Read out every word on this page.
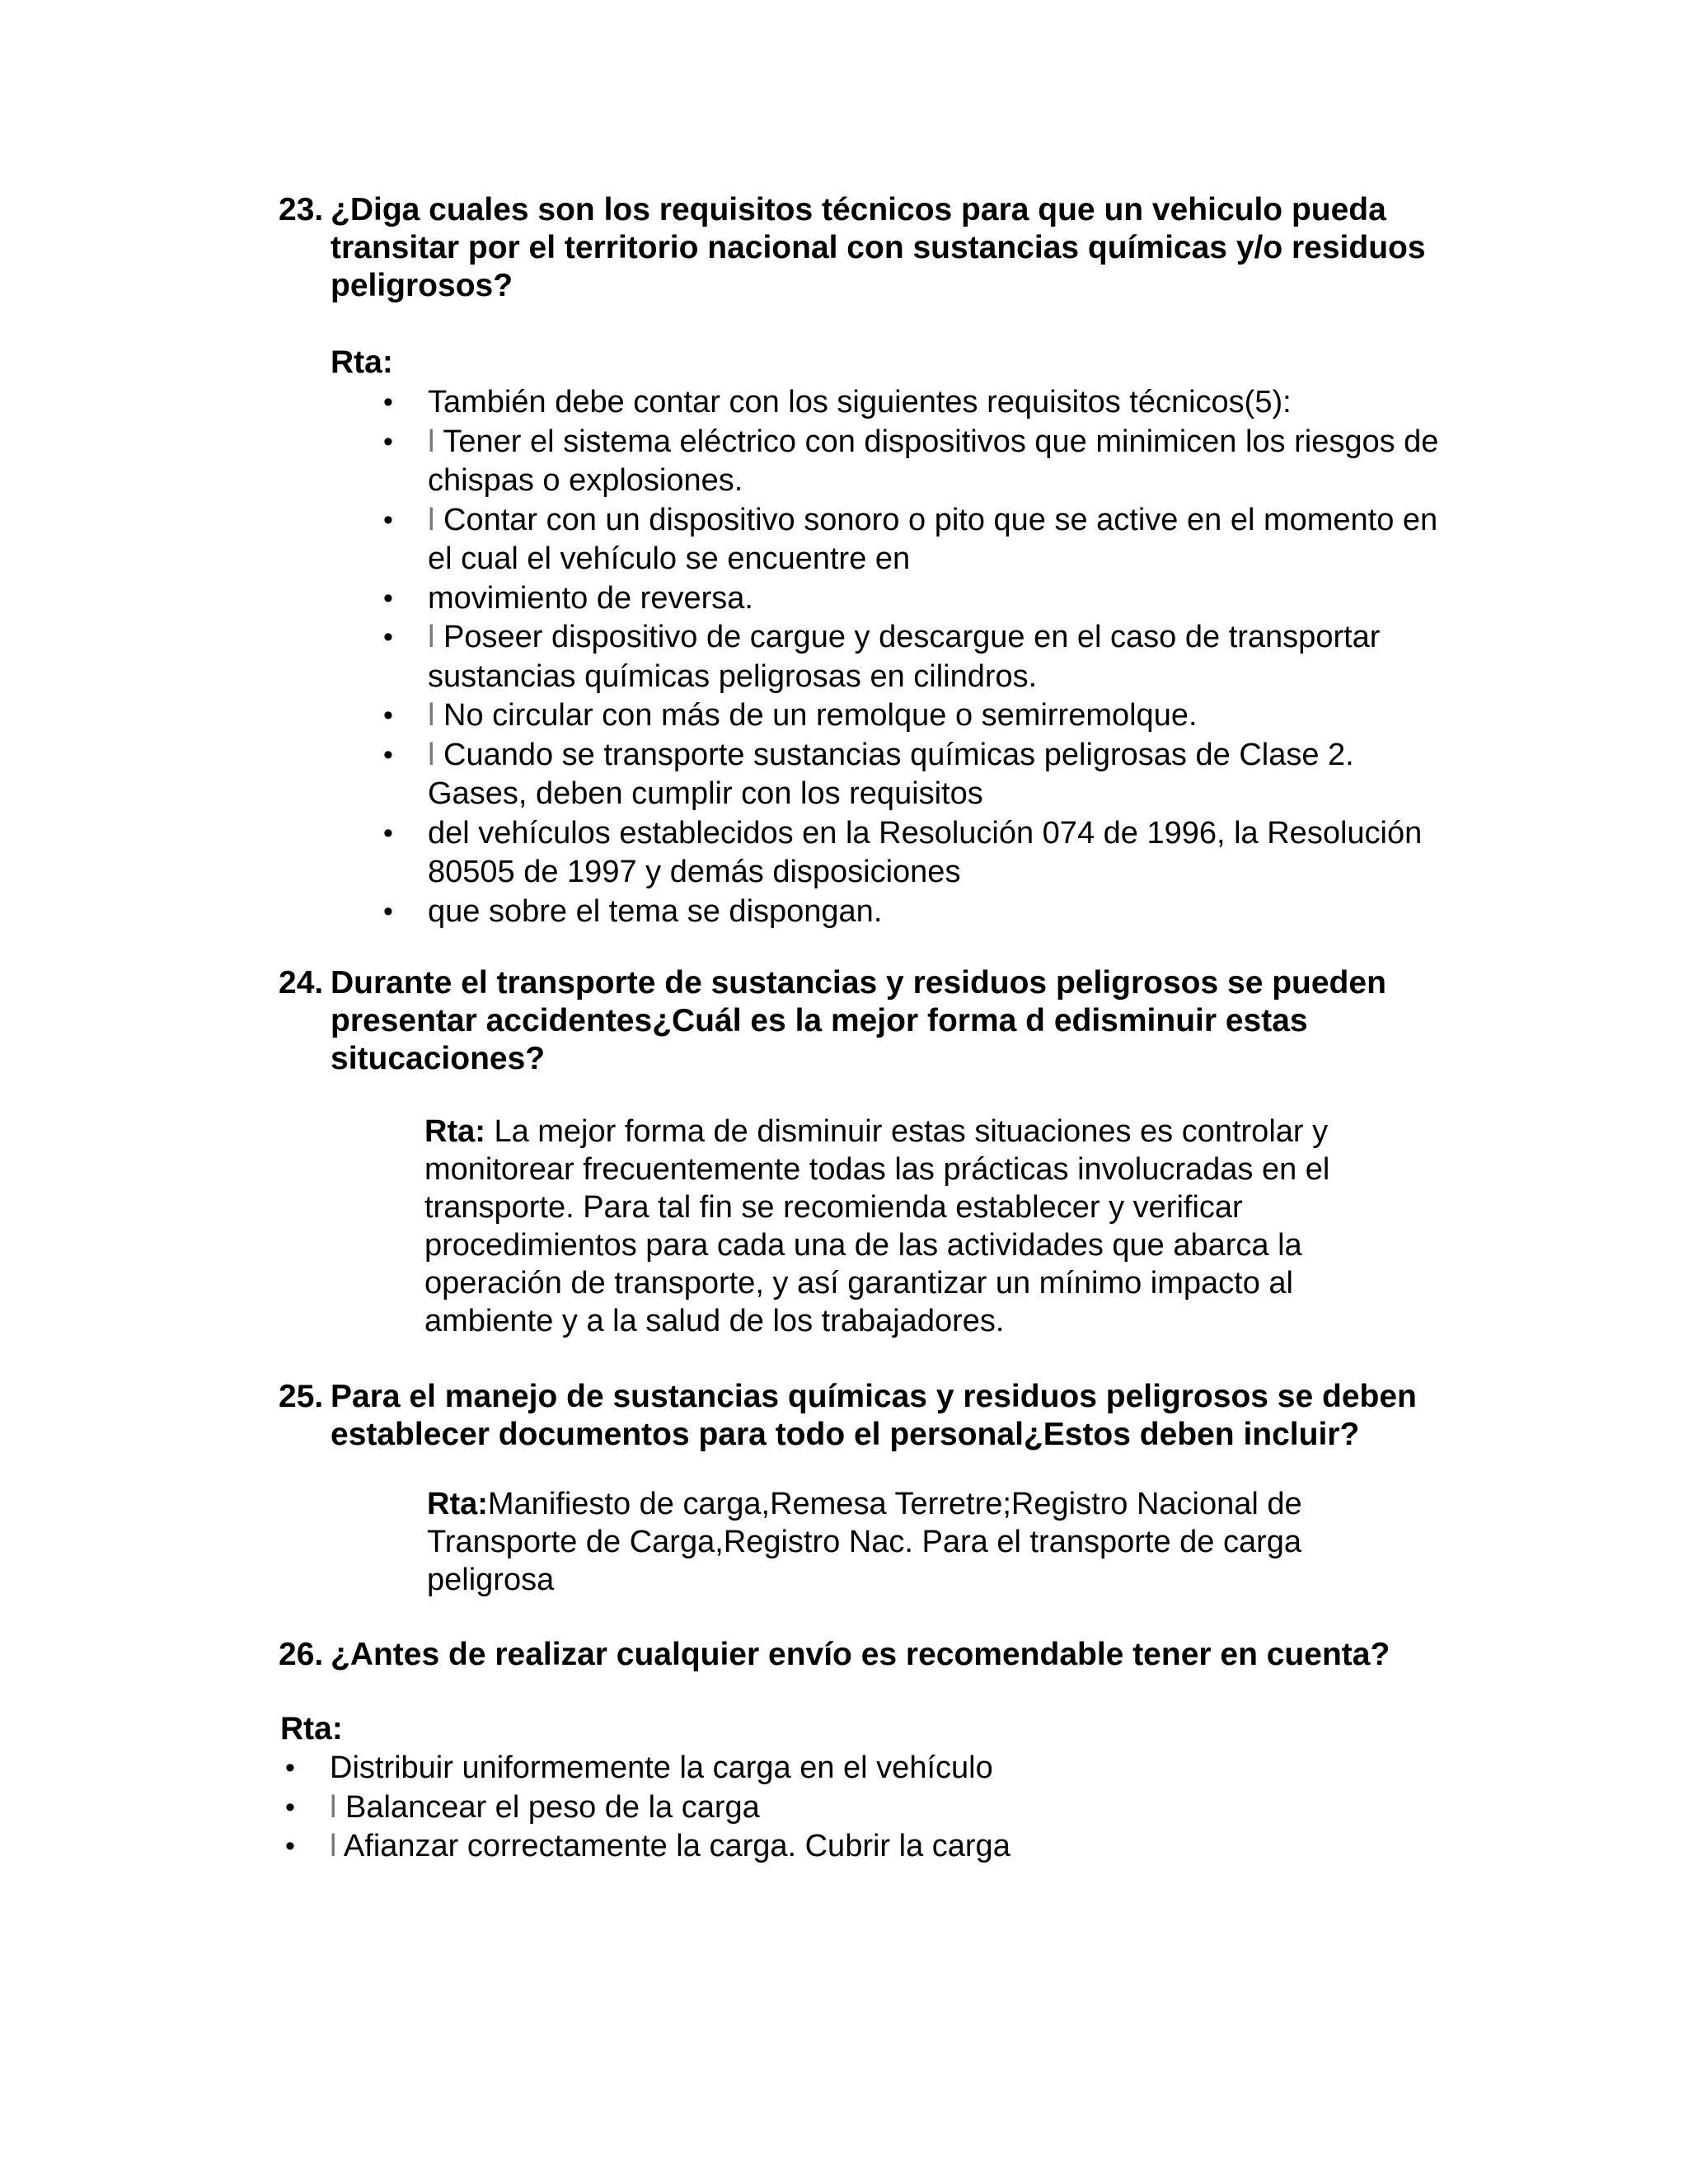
23. ¿Diga cuales son los requisitos técnicos para que un vehiculo pueda transitar por el territorio nacional con sustancias químicas y/o residuos peligrosos?
Rta:
• También debe contar con los siguientes requisitos técnicos(5):
• l Tener el sistema eléctrico con dispositivos que minimicen los riesgos de chispas o explosiones.
• l Contar con un dispositivo sonoro o pito que se active en el momento en el cual el vehículo se encuentre en
• movimiento de reversa.
• l Poseer dispositivo de cargue y descargue en el caso de transportar sustancias químicas peligrosas en cilindros.
• l No circular con más de un remolque o semirremolque.
• l Cuando se transporte sustancias químicas peligrosas de Clase 2. Gases, deben cumplir con los requisitos
• del vehículos establecidos en la Resolución 074 de 1996, la Resolución 80505 de 1997 y demás disposiciones
• que sobre el tema se dispongan.
24. Durante el transporte de sustancias y residuos peligrosos se pueden presentar accidentes¿Cuál es la mejor forma d edisminuir estas situcaciones?
Rta: La mejor forma de disminuir estas situaciones es controlar y monitorear frecuentemente todas las prácticas involucradas en el transporte. Para tal fin se recomienda establecer y verificar procedimientos para cada una de las actividades que abarca la operación de transporte, y así garantizar un mínimo impacto al ambiente y a la salud de los trabajadores.
25. Para el manejo de sustancias químicas y residuos peligrosos se deben establecer documentos para todo el personal¿Estos deben incluir?
Rta:Manifiesto de carga,Remesa Terretre;Registro Nacional de Transporte de Carga,Registro Nac. Para el transporte de carga peligrosa
26. ¿Antes de realizar cualquier envío es recomendable tener en cuenta?
Rta:
• Distribuir uniformemente la carga en el vehículo
• l Balancear el peso de la carga
• l Afianzar correctamente la carga. Cubrir la carga
